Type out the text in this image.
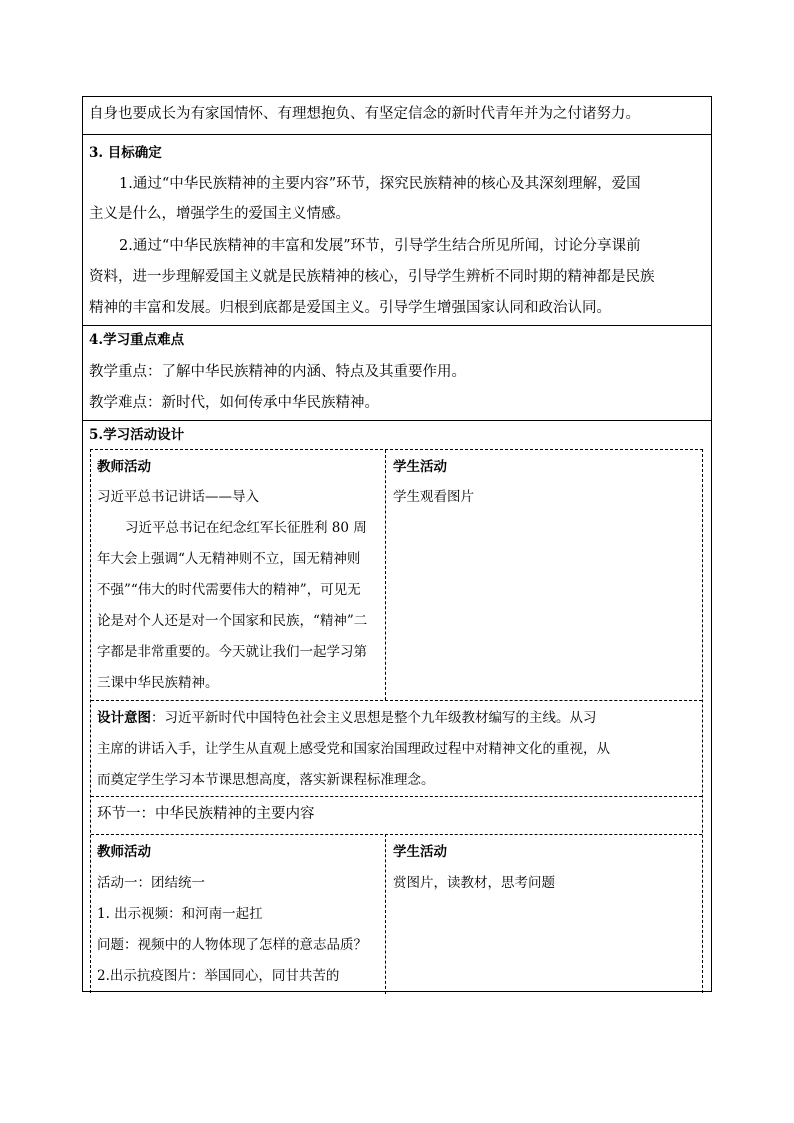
自身也要成长为有家国情怀、有理想抱负、有坚定信念的新时代青年并为之付诸努力。
3. 目标确定
1.通过“中华民族精神的主要内容”环节，探究民族精神的核心及其深刻理解，爱国
主义是什么，增强学生的爱国主义情感。
2.通过“中华民族精神的丰富和发展”环节，引导学生结合所见所闻，讨论分享课前
资料，进一步理解爱国主义就是民族精神的核心，引导学生辨析不同时期的精神都是民族
精神的丰富和发展。归根到底都是爱国主义。引导学生增强国家认同和政治认同。
4.学习重点难点
教学重点：了解中华民族精神的内涵、特点及其重要作用。
教学难点：新时代，如何传承中华民族精神。
5.学习活动设计
教师活动	学生活动
习近平总书记讲话——导入
习近平总书记在纪念红军长征胜利 80 周
年大会上强调“人无精神则不立，国无精神则
不强”“伟大的时代需要伟大的精神”，可见无
论是对个人还是对一个国家和民族，“精神”二
字都是非常重要的。今天就让我们一起学习第
三课中华民族精神。
学生观看图片
设计意图：习近平新时代中国特色社会主义思想是整个九年级教材编写的主线。从习
主席的讲话入手，让学生从直观上感受党和国家治国理政过程中对精神文化的重视，从
而奠定学生学习本节课思想高度，落实新课程标准理念。
环节一：中华民族精神的主要内容
教师活动	学生活动
活动一：团结统一
1. 出示视频：和河南一起扛
问题：视频中的人物体现了怎样的意志品质？
2.出示抗疫图片：举国同心，同甘共苦的
赏图片，读教材，思考问题
